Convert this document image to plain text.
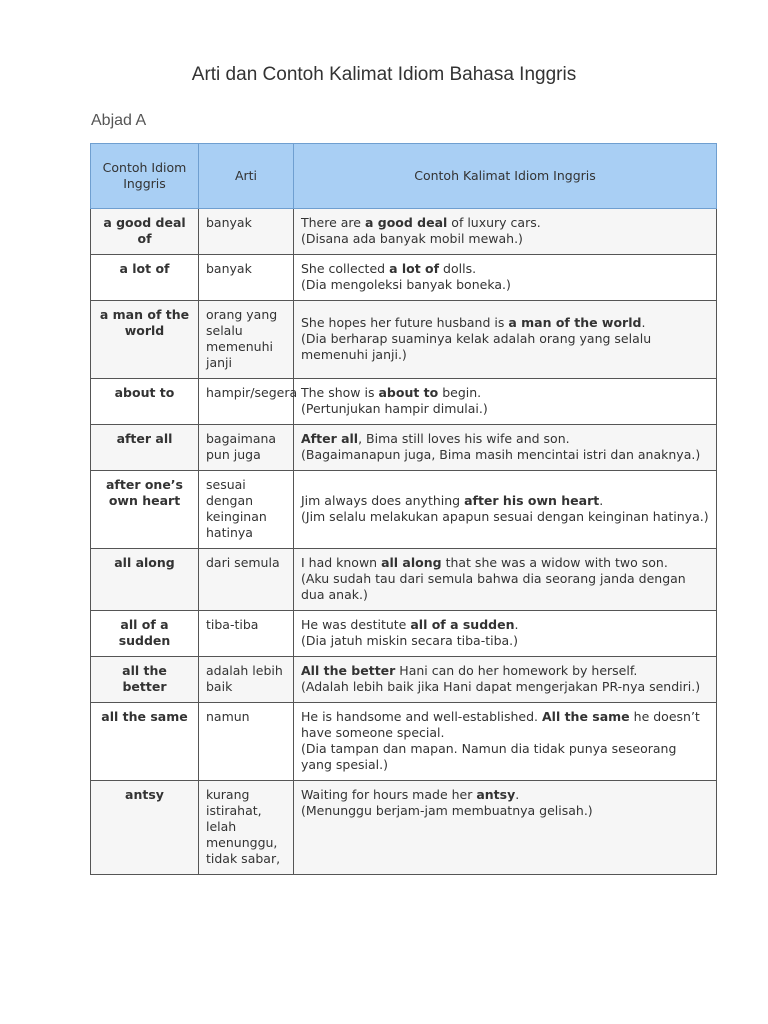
Arti dan Contoh Kalimat Idiom Bahasa Inggris
Abjad A
Contoh Idiom Inggris	Arti	Contoh Kalimat Idiom Inggris
a good deal of	banyak	There are a good deal of luxury cars.
(Disana ada banyak mobil mewah.)

a lot of	banyak	She collected a lot of dolls.
(Dia mengoleksi banyak boneka.)

a man of the world	orang yang selalu memenuhi janji	She hopes her future husband is a man of the world.
(Dia berharap suaminya kelak adalah orang yang selalu memenuhi janji.)

about to	hampir/segera	The show is about to begin.
(Pertunjukan hampir dimulai.)

after all	bagaimana pun juga	After all, Bima still loves his wife and son.
(Bagaimanapun juga, Bima masih mencintai istri dan anaknya.)

after one’s own heart	sesuai dengan keinginan hatinya	Jim always does anything after his own heart.
(Jim selalu melakukan apapun sesuai dengan keinginan hatinya.)

all along	dari semula	I had known all along that she was a widow with two son.
(Aku sudah tau dari semula bahwa dia seorang janda dengan dua anak.)

all of a sudden	tiba-tiba	He was destitute all of a sudden.
(Dia jatuh miskin secara tiba-tiba.)

all the better	adalah lebih baik	All the better Hani can do her homework by herself.
(Adalah lebih baik jika Hani dapat mengerjakan PR-nya sendiri.)

all the same	namun	He is handsome and well-established. All the same he doesn’t have someone special.
(Dia tampan dan mapan. Namun dia tidak punya seseorang yang spesial.)

antsy	kurang istirahat, lelah menunggu, tidak sabar,	Waiting for hours made her antsy.
(Menunggu berjam-jam membuatnya gelisah.)
